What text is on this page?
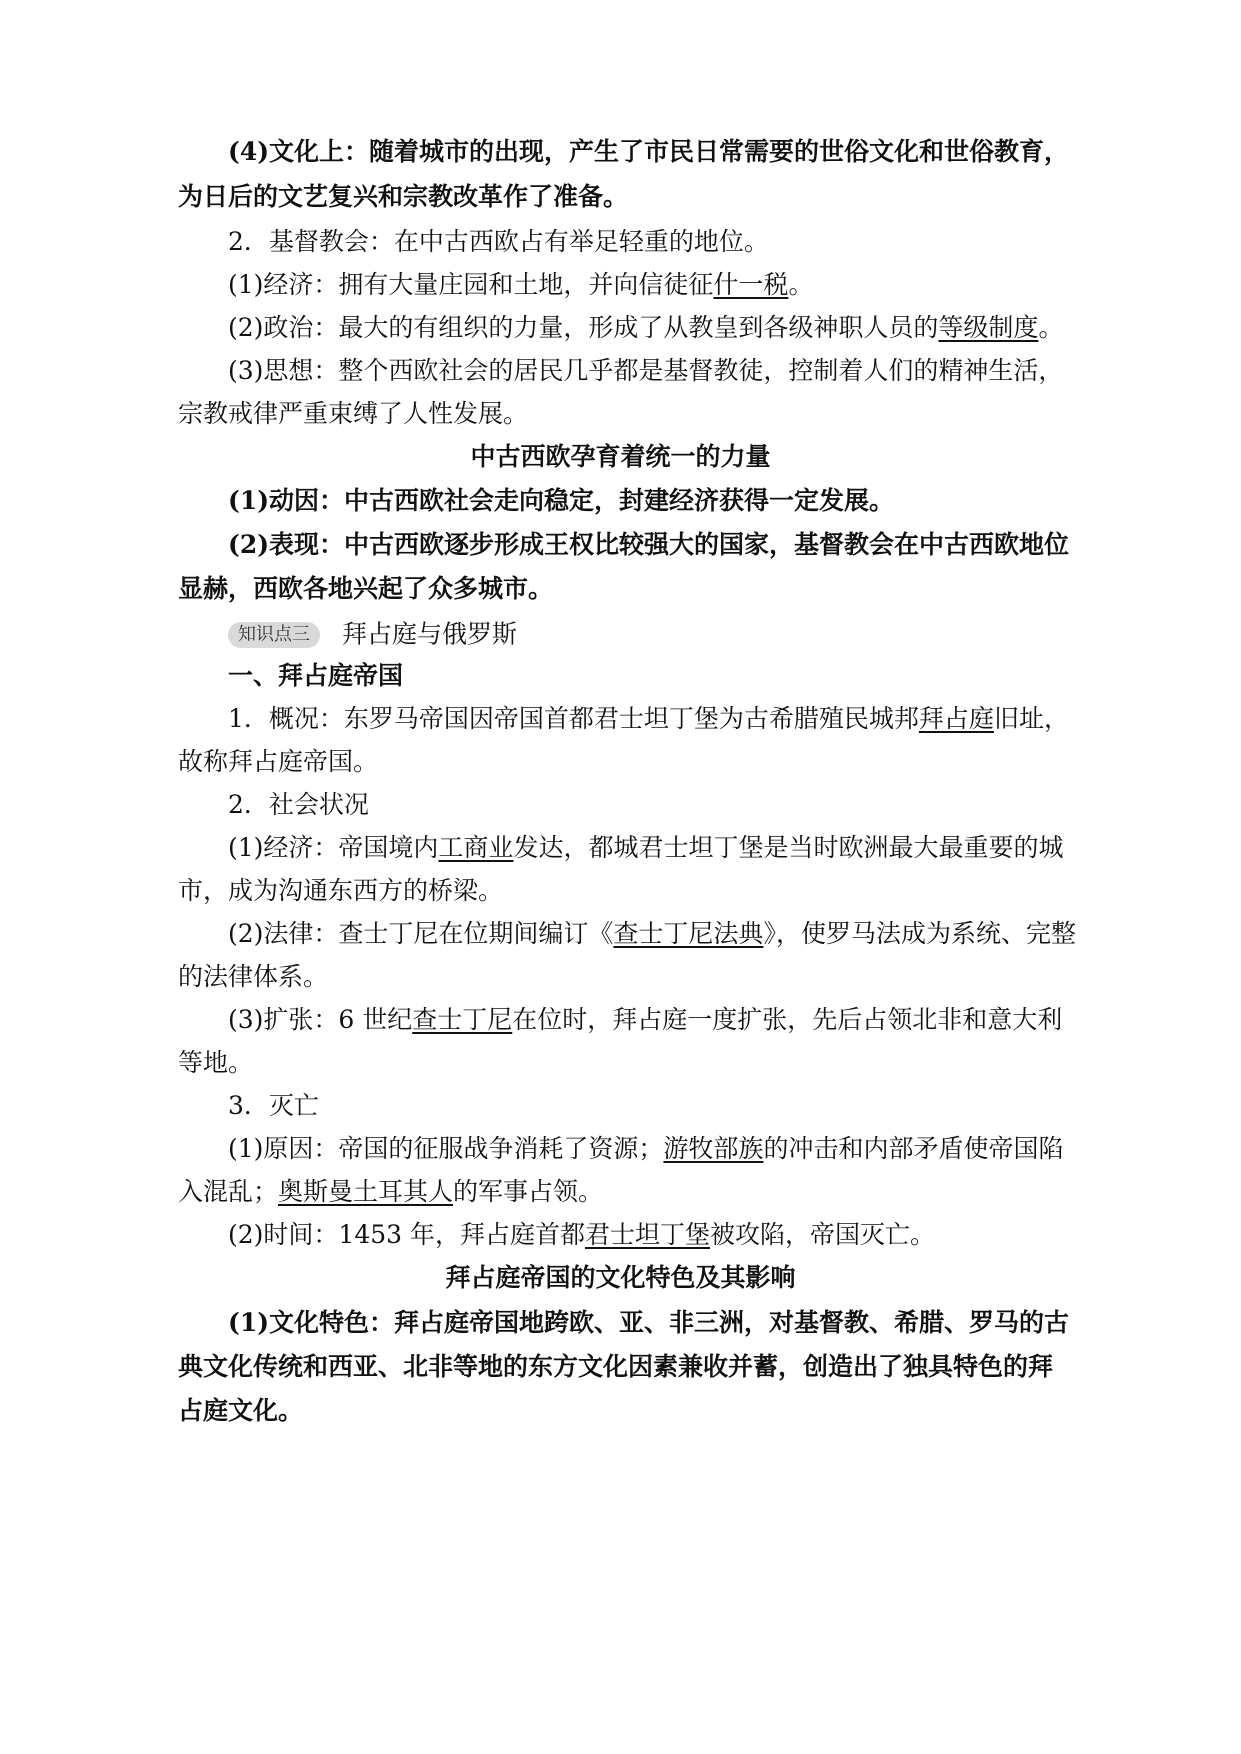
(4)文化上：随着城市的出现，产生了市民日常需要的世俗文化和世俗教育，
为日后的文艺复兴和宗教改革作了准备。
2．基督教会：在中古西欧占有举足轻重的地位。
(1)经济：拥有大量庄园和土地，并向信徒征什一税。
(2)政治：最大的有组织的力量，形成了从教皇到各级神职人员的等级制度。
(3)思想：整个西欧社会的居民几乎都是基督教徒，控制着人们的精神生活，
宗教戒律严重束缚了人性发展。
中古西欧孕育着统一的力量
(1)动因：中古西欧社会走向稳定，封建经济获得一定发展。
(2)表现：中古西欧逐步形成王权比较强大的国家，基督教会在中古西欧地位
显赫，西欧各地兴起了众多城市。
知识点三 拜占庭与俄罗斯
一、拜占庭帝国
1．概况：东罗马帝国因帝国首都君士坦丁堡为古希腊殖民城邦拜占庭旧址，
故称拜占庭帝国。
2．社会状况
(1)经济：帝国境内工商业发达，都城君士坦丁堡是当时欧洲最大最重要的城
市，成为沟通东西方的桥梁。
(2)法律：查士丁尼在位期间编订《查士丁尼法典》，使罗马法成为系统、完整
的法律体系。
(3)扩张：6 世纪查士丁尼在位时，拜占庭一度扩张，先后占领北非和意大利
等地。
3．灭亡
(1)原因：帝国的征服战争消耗了资源；游牧部族的冲击和内部矛盾使帝国陷
入混乱；奥斯曼土耳其人的军事占领。
(2)时间：1453 年，拜占庭首都君士坦丁堡被攻陷，帝国灭亡。
拜占庭帝国的文化特色及其影响
(1)文化特色：拜占庭帝国地跨欧、亚、非三洲，对基督教、希腊、罗马的古
典文化传统和西亚、北非等地的东方文化因素兼收并蓄，创造出了独具特色的拜
占庭文化。
